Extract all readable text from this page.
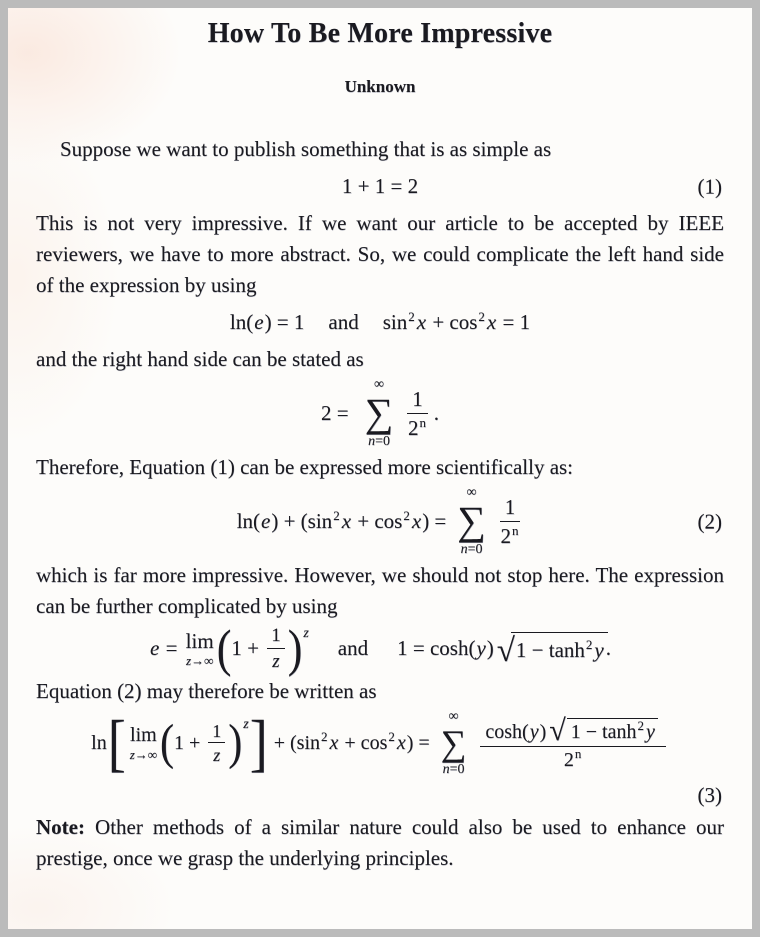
How To Be More Impressive
Unknown

Suppose we want to publish something that is as simple as

1 + 1 = 2	(1)

This is not very impressive. If we want our article to be accepted by IEEE reviewers, we have to more abstract. So, we could complicate the left hand side of the expression by using

ln(e) = 1 and $\sin^2x + \cos^2x = 1$

and the right hand side can be stated as

2 =
∞
∑
n=0
$\frac{1}{2^n}$ .

Therefore, Equation (1) can be expressed more scientifically as:

$\ln(e) + (\sin^2x + \cos^2x)$ =
∞
∑
n=0
$\frac{1}{2^n}$	(2)

which is far more impressive. However, we should not stop here. The expression can be further complicated by using

e = lim
z→∞ ( $1 + \frac{1}{z} )^z$
and 1 = cosh( y ) √ $1 - \tanh^2y$ .

Equation (2) may therefore be written as

ln [ lim
z→∞ ( $1 + \frac{1}{z} )^z$ ] + ($\sin^2$ $x + \cos^2 x$) =
∞
∑
$n=0 \frac{\cosh( y ) √ 1 - \tanh^2 y}{2^n}$
(3)

Note: Other methods of a similar nature could also be used to enhance our prestige, once we grasp the underlying principles.
